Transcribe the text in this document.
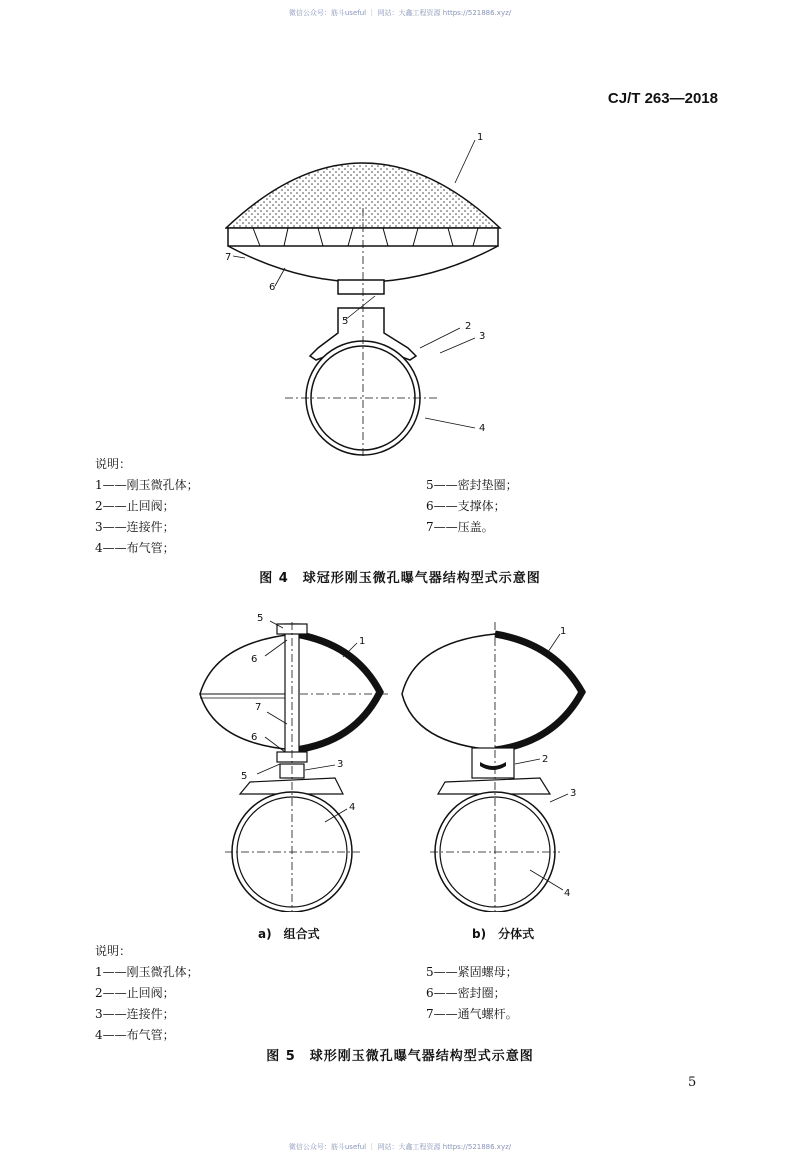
微信公众号：筋斗useful ｜ 网站：大鑫工程资源 https://521886.xyz/
CJ/T 263—2018
1
2
3
4
5
6
7
说明：
1——刚玉微孔体；
2——止回阀；
3——连接件；
4——布气管；
5——密封垫圈；
6——支撑体；
7——压盖。
图 4　球冠形刚玉微孔曝气器结构型式示意图
5
6
1
7
6
5
3
4
1
2
3
4
a)　组合式	b)　分体式
说明：
1——刚玉微孔体；
2——止回阀；
3——连接件；
4——布气管；
5——紧固螺母；
6——密封圈；
7——通气螺杆。
图 5　球形刚玉微孔曝气器结构型式示意图
5
微信公众号：筋斗useful ｜ 网站：大鑫工程资源 https://521886.xyz/
